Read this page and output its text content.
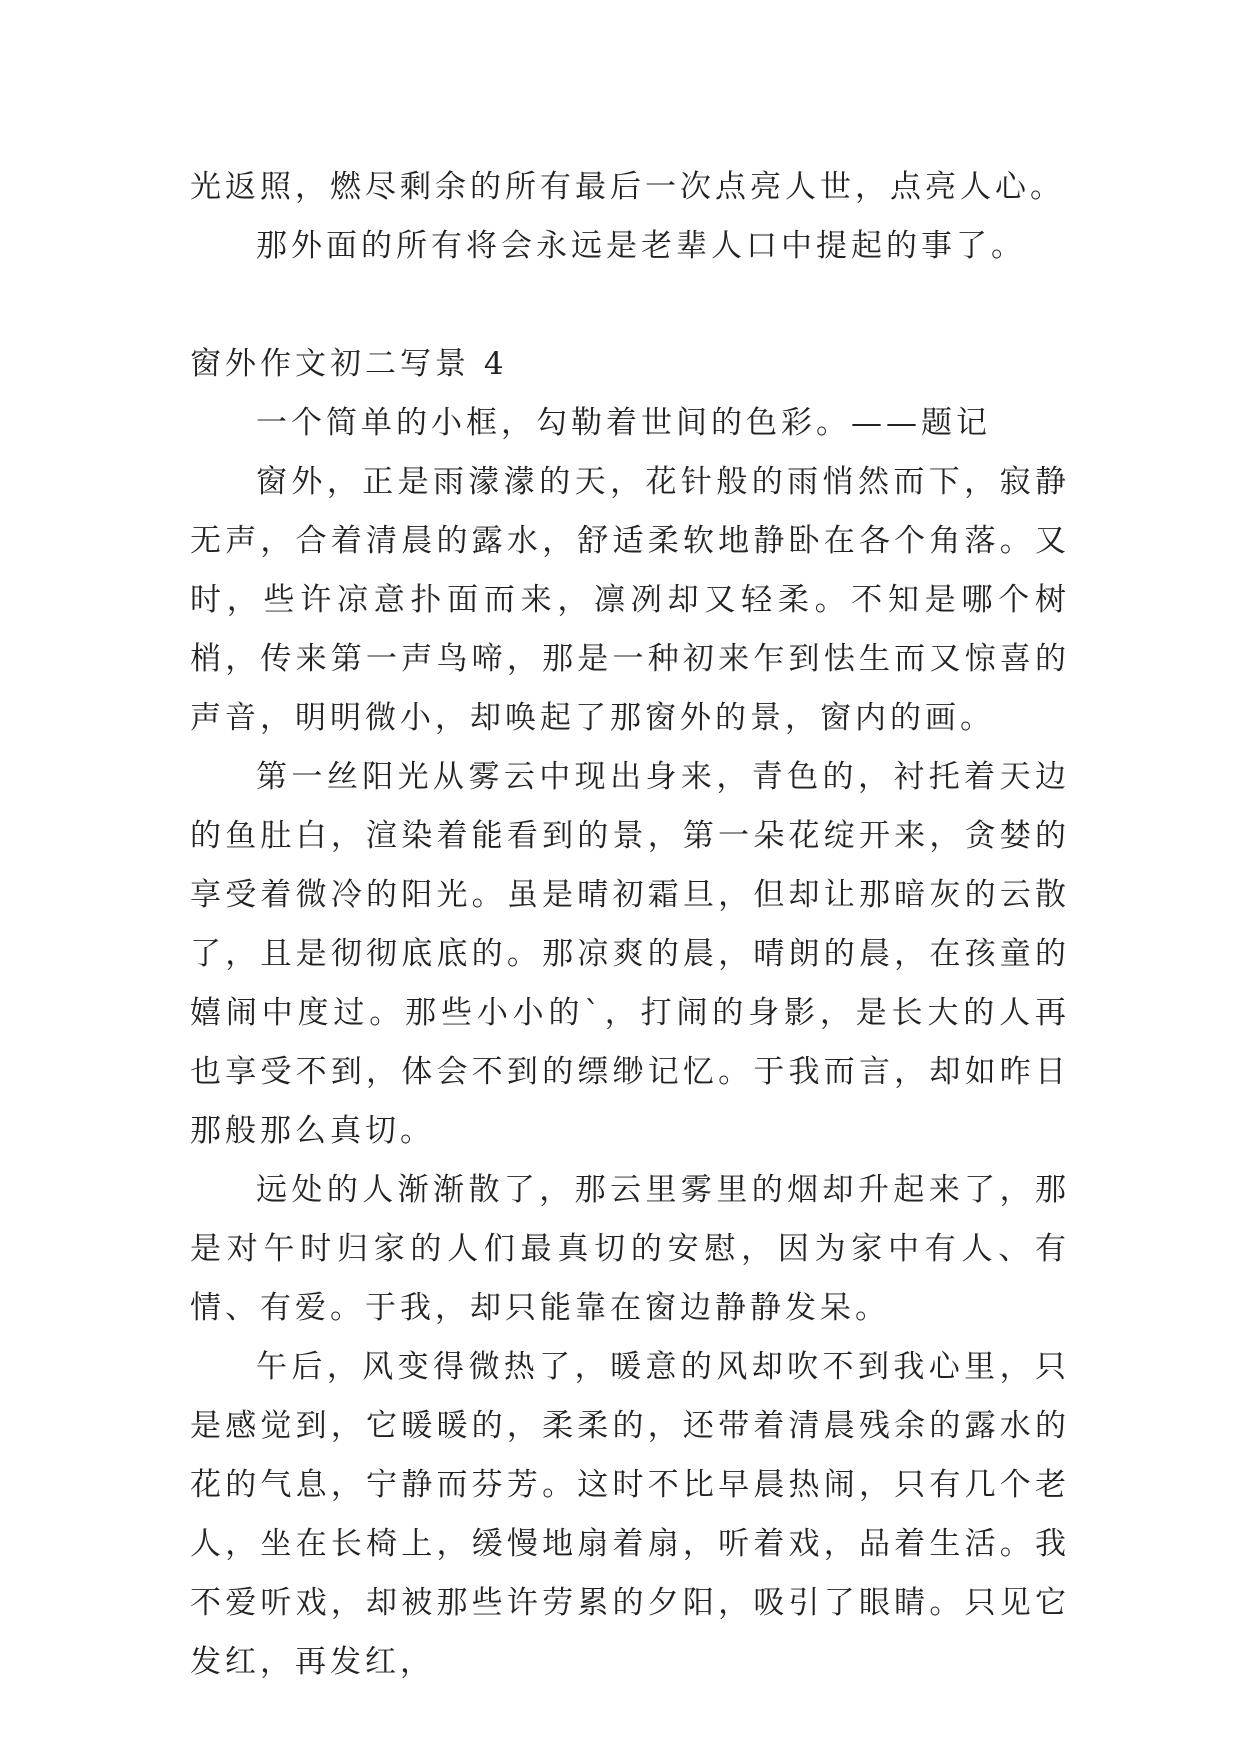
光返照，燃尽剩余的所有最后一次点亮人世，点亮人心。

那外面的所有将会永远是老辈人口中提起的事了。

窗外作文初二写景 4

一个简单的小框，勾勒着世间的色彩。——题记

窗外，正是雨濛濛的天，花针般的雨悄然而下，寂静无声，合着清晨的露水，舒适柔软地静卧在各个角落。又时，些许凉意扑面而来，凛冽却又轻柔。不知是哪个树梢，传来第一声鸟啼，那是一种初来乍到怯生而又惊喜的声音，明明微小，却唤起了那窗外的景，窗内的画。

第一丝阳光从雾云中现出身来，青色的，衬托着天边的鱼肚白，渲染着能看到的景，第一朵花绽开来，贪婪的享受着微冷的阳光。虽是晴初霜旦，但却让那暗灰的云散了，且是彻彻底底的。那凉爽的晨，晴朗的晨，在孩童的嬉闹中度过。那些小小的`，打闹的身影，是长大的人再也享受不到，体会不到的缥缈记忆。于我而言，却如昨日那般那么真切。

远处的人渐渐散了，那云里雾里的烟却升起来了，那是对午时归家的人们最真切的安慰，因为家中有人、有情、有爱。于我，却只能靠在窗边静静发呆。

午后，风变得微热了，暖意的风却吹不到我心里，只是感觉到，它暖暖的，柔柔的，还带着清晨残余的露水的花的气息，宁静而芬芳。这时不比早晨热闹，只有几个老人，坐在长椅上，缓慢地扇着扇，听着戏，品着生活。我不爱听戏，却被那些许劳累的夕阳，吸引了眼睛。只见它发红，再发红，
